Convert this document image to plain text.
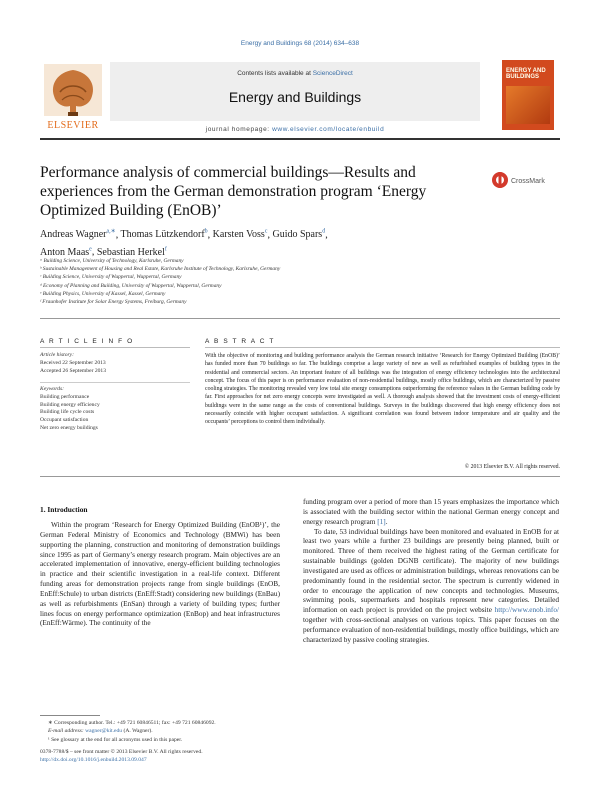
Energy and Buildings 68 (2014) 634–638
Contents lists available at ScienceDirect
Energy and Buildings
journal homepage: www.elsevier.com/locate/enbuild
ELSEVIER
ENERGY AND BUILDINGS
Performance analysis of commercial buildings—Results and experiences from the German demonstration program ‘Energy Optimized Building (EnOB)’
CrossMark
Andreas Wagner$^{a,∗}$, Thomas Lützkendorf$^b$, Karsten Voss$^c$, Guido Spars$^d$,
Anton Maas$^e$, Sebastian Herkel$^f$
ᵃ Building Science, University of Technology, Karlsruhe, Germany
ᵇ Sustainable Management of Housing and Real Estate, Karlsruhe Institute of Technology, Karlsruhe, Germany
ᶜ Building Science, University of Wuppertal, Wuppertal, Germany
ᵈ Economy of Planning and Building, University of Wuppertal, Wuppertal, Germany
ᵉ Building Physics, University of Kassel, Kassel, Germany
ᶠ Fraunhofer Institute for Solar Energy Systems, Freiburg, Germany
A R T I C L E I N F O	A B S T R A C T
Article history:
Received 22 September 2013
Accepted 26 September 2013
Keywords:
Building performance
Building energy efficiency
Building life cycle costs
Occupant satisfaction
Net zero energy buildings
With the objective of monitoring and building performance analysis the German research initiative ‘Research for Energy Optimized Building (EnOB)’ has funded more than 70 buildings so far. The buildings comprise a large variety of new as well as refurbished examples of building types in the residential and commercial sectors. An important feature of all buildings was the integration of energy efficiency technologies into the architectural concept. The focus of this paper is on performance evaluation of non-residential buildings, mostly office buildings, which are characterized by passive cooling strategies. The monitoring revealed very low total site energy consumptions outperforming the reference values in the German building code by far. First approaches for net zero energy concepts were investigated as well. A thorough analysis showed that the investment costs of energy-efficient buildings were in the same range as the costs of conventional buildings. Surveys in the buildings discovered that high energy efficiency does not necessarily coincide with higher occupant satisfaction. A significant correlation was found between indoor temperature and air quality and the occupants’ perceptions to control them individually.
© 2013 Elsevier B.V. All rights reserved.
1. Introduction
Within the program ‘Research for Energy Optimized Building (EnOB¹)’, the German Federal Ministry of Economics and Technology (BMWi) has been supporting the planning, construction and monitoring of demonstration buildings since 1995 as part of Germany’s energy research program. Main objectives are an accelerated implementation of innovative, energy-efficient building technologies in practice and their scientific investigation in a real-life context. Different funding areas for demonstration projects range from single buildings (EnOB, EnEff:Schule) to urban districts (EnEff:Stadt) considering new buildings (EnBau) as well as refurbishments (EnSan) through a variety of building types; further lines focus on energy performance optimization (EnBop) and heat infrastructures (EnEff:Wärme). The continuity of the

funding program over a period of more than 15 years emphasizes the importance which is associated with the building sector within the national German energy concept and energy research program [1].

To date, 53 individual buildings have been monitored and evaluated in EnOB for at least two years while a further 23 buildings are presently being planned, built or monitored. Three of them received the highest rating of the German certificate for sustainable buildings (golden DGNB certificate). The majority of new buildings investigated are used as offices or administration buildings, whereas renovations can be predominantly found in the residential sector. The spectrum is currently widened in order to encourage the application of new concepts and technologies. Museums, swimming pools, supermarkets and hospitals represent new categories. Detailed information on each project is provided on the project website http://www.enob.info/ together with cross-sectional analyses on various topics. This paper focuses on the performance evaluation of non-residential buildings, mostly office buildings, which are characterized by passive cooling strategies.

∗ Corresponding author. Tel.: +49 721 60846511; fax: +49 721 60846092.
E-mail address: wagner@kit.edu (A. Wagner).
¹ See glossary at the end for all acronyms used in this paper.
0378-7788/$ – see front matter © 2013 Elsevier B.V. All rights reserved.
http://dx.doi.org/10.1016/j.enbuild.2013.09.047
